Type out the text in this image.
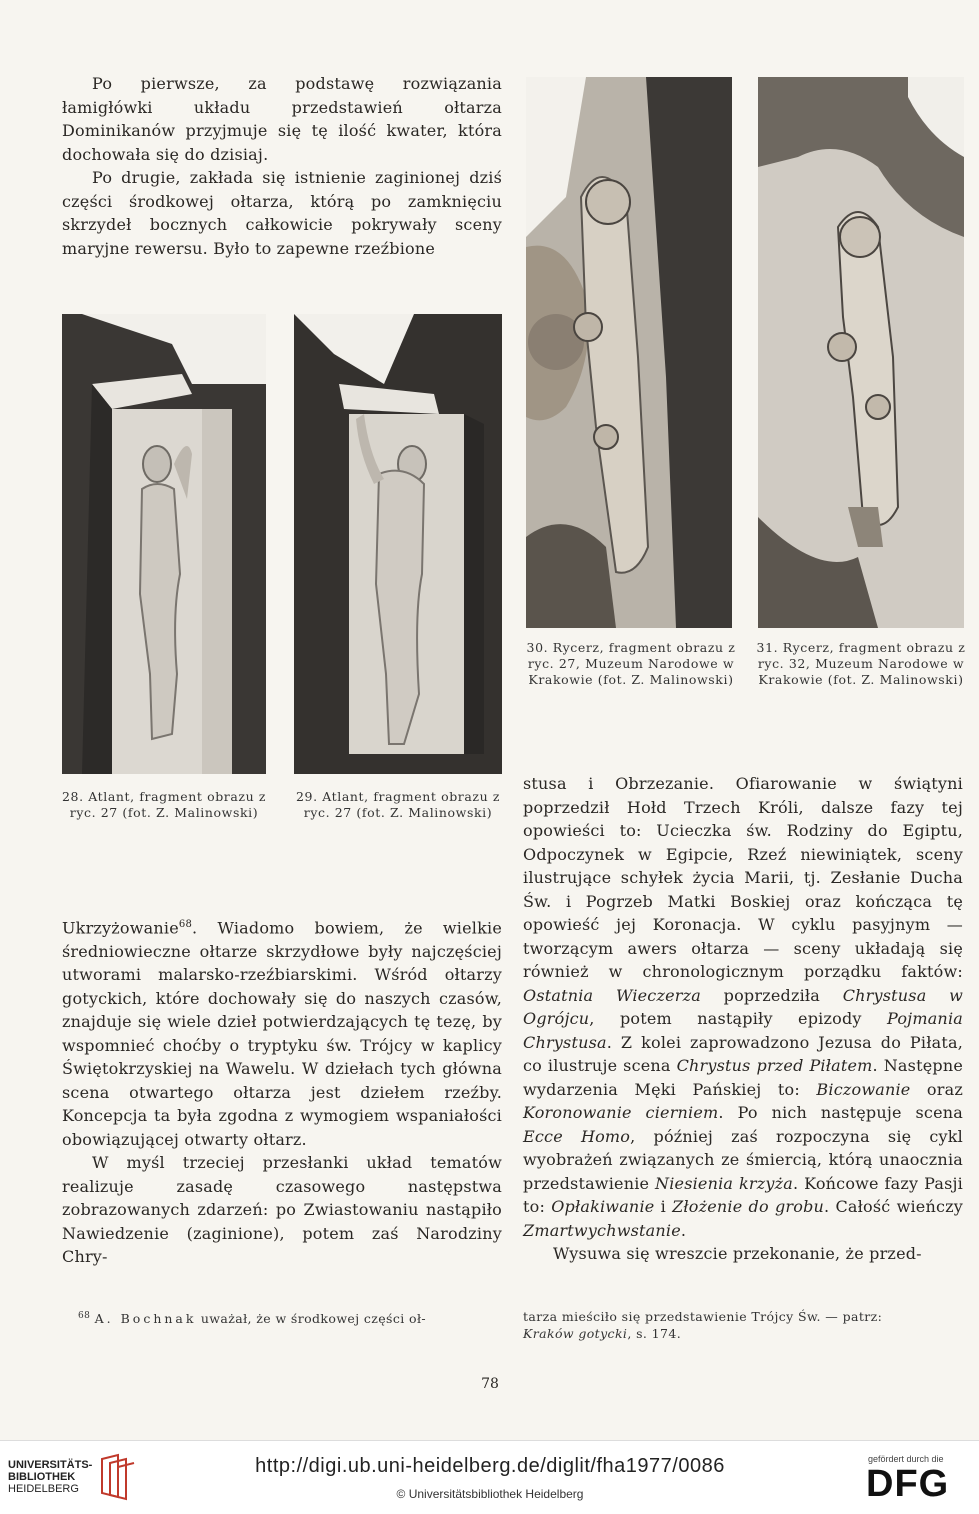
Po pierwsze, za podstawę rozwiązania łamigłówki układu przedstawień ołtarza Dominikanów przyjmuje się tę ilość kwater, która dochowała się do dzisiaj.

Po drugie, zakłada się istnienie zaginionej dziś części środkowej ołtarza, którą po zamknięciu skrzydeł bocznych całkowicie pokrywały sceny maryjne rewersu. Było to zapewne rzeźbione

30. Rycerz, fragment obrazu z ryc. 27, Muzeum Narodowe w Krakowie (fot. Z. Malinowski)
31. Rycerz, fragment obrazu z ryc. 32, Muzeum Narodowe w Krakowie (fot. Z. Malinowski)
28. Atlant, fragment obrazu z ryc. 27 (fot. Z. Malinowski)
29. Atlant, fragment obrazu z ryc. 27 (fot. Z. Malinowski)

Ukrzyżowanie$^{68}$. Wiadomo bowiem, że wielkie średniowieczne ołtarze skrzydłowe były najczęściej utworami malarsko-rzeźbiarskimi. Wśród ołtarzy gotyckich, które dochowały się do naszych czasów, znajduje się wiele dzieł potwierdzających tę tezę, by wspomnieć choćby o tryptyku św. Trójcy w kaplicy Świętokrzyskiej na Wawelu. W dziełach tych główna scena otwartego ołtarza jest dziełem rzeźby. Koncepcja ta była zgodna z wymogiem wspaniałości obowiązującej otwarty ołtarz.

W myśl trzeciej przesłanki układ tematów realizuje zasadę czasowego następstwa zobrazowanych zdarzeń: po Zwiastowaniu nastąpiło Nawiedzenie (zaginione), potem zaś Narodziny Chry-

stusa i Obrzezanie. Ofiarowanie w świątyni poprzedził Hołd Trzech Króli, dalsze fazy tej opowieści to: Ucieczka św. Rodziny do Egiptu, Odpoczynek w Egipcie, Rzeź niewiniątek, sceny ilustrujące schyłek życia Marii, tj. Zesłanie Ducha Św. i Pogrzeb Matki Boskiej oraz kończąca tę opowieść jej Koronacja. W cyklu pasyjnym — tworzącym awers ołtarza — sceny układają się również w chronologicznym porządku faktów: Ostatnia Wieczerza poprzedziła Chrystusa w Ogrójcu, potem nastąpiły epizody Pojmania Chrystusa. Z kolei zaprowadzono Jezusa do Piłata, co ilustruje scena Chrystus przed Piłatem. Następne wydarzenia Męki Pańskiej to: Biczowanie oraz Koronowanie cierniem. Po nich następuje scena Ecce Homo, później zaś rozpoczyna się cykl wyobrażeń związanych ze śmiercią, którą unaocznia przedstawienie Niesienia krzyża. Końcowe fazy Pasji to: Opłakiwanie i Złożenie do grobu. Całość wieńczy Zmartwychwstanie.

Wysuwa się wreszcie przekonanie, że przed-

$^{68}$ A. Bochnak uważał, że w środkowej części oł-	tarza mieściło się przedstawienie Trójcy Św. — patrz:
Kraków gotycki, s. 174.
78
UNIVERSITÄTS-
BIBLIOTHEK
HEIDELBERG
http://digi.ub.uni-heidelberg.de/diglit/fha1977/0086
© Universitätsbibliothek Heidelberg
gefördert durch die
DFG
